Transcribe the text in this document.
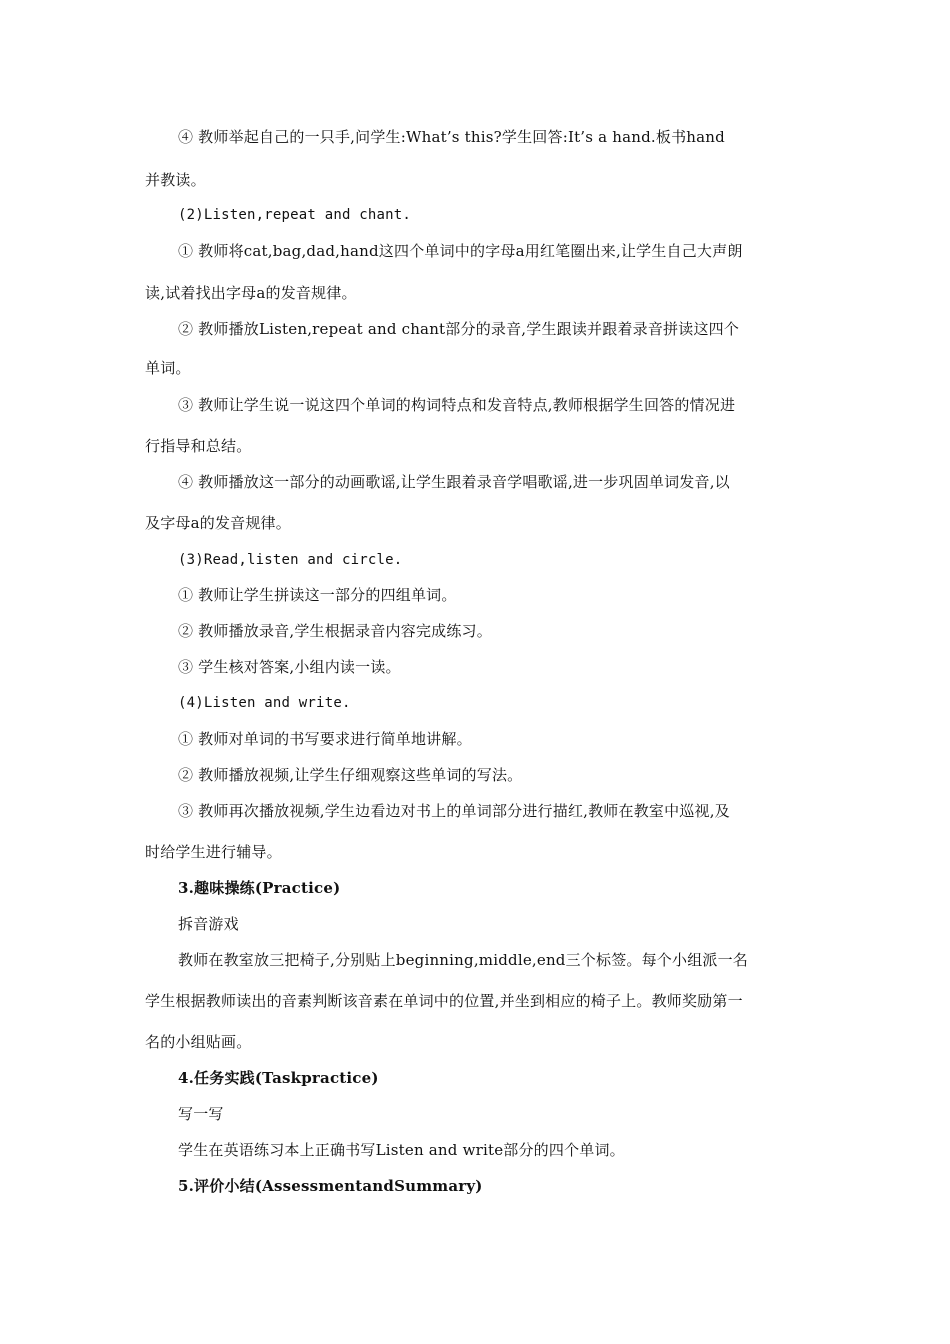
④ 教师举起自己的一只手,问学生:What’s this?学生回答:It’s a hand.板书hand
并教读。
(2)Listen,repeat and chant.
① 教师将cat,bag,dad,hand这四个单词中的字母a用红笔圈出来,让学生自己大声朗
读,试着找出字母a的发音规律。
② 教师播放Listen,repeat and chant部分的录音,学生跟读并跟着录音拼读这四个
单词。
③ 教师让学生说一说这四个单词的构词特点和发音特点,教师根据学生回答的情况进
行指导和总结。
④ 教师播放这一部分的动画歌谣,让学生跟着录音学唱歌谣,进一步巩固单词发音,以
及字母a的发音规律。
(3)Read,listen and circle.
① 教师让学生拼读这一部分的四组单词。
② 教师播放录音,学生根据录音内容完成练习。
③ 学生核对答案,小组内读一读。
(4)Listen and write.
① 教师对单词的书写要求进行简单地讲解。
② 教师播放视频,让学生仔细观察这些单词的写法。
③ 教师再次播放视频,学生边看边对书上的单词部分进行描红,教师在教室中巡视,及
时给学生进行辅导。
3.趣味操练(Practice)
拆音游戏
教师在教室放三把椅子,分别贴上beginning,middle,end三个标签。每个小组派一名
学生根据教师读出的音素判断该音素在单词中的位置,并坐到相应的椅子上。教师奖励第一
名的小组贴画。
4.任务实践(Taskpractice)
写一写
学生在英语练习本上正确书写Listen and write部分的四个单词。
5.评价小结(AssessmentandSummary)
